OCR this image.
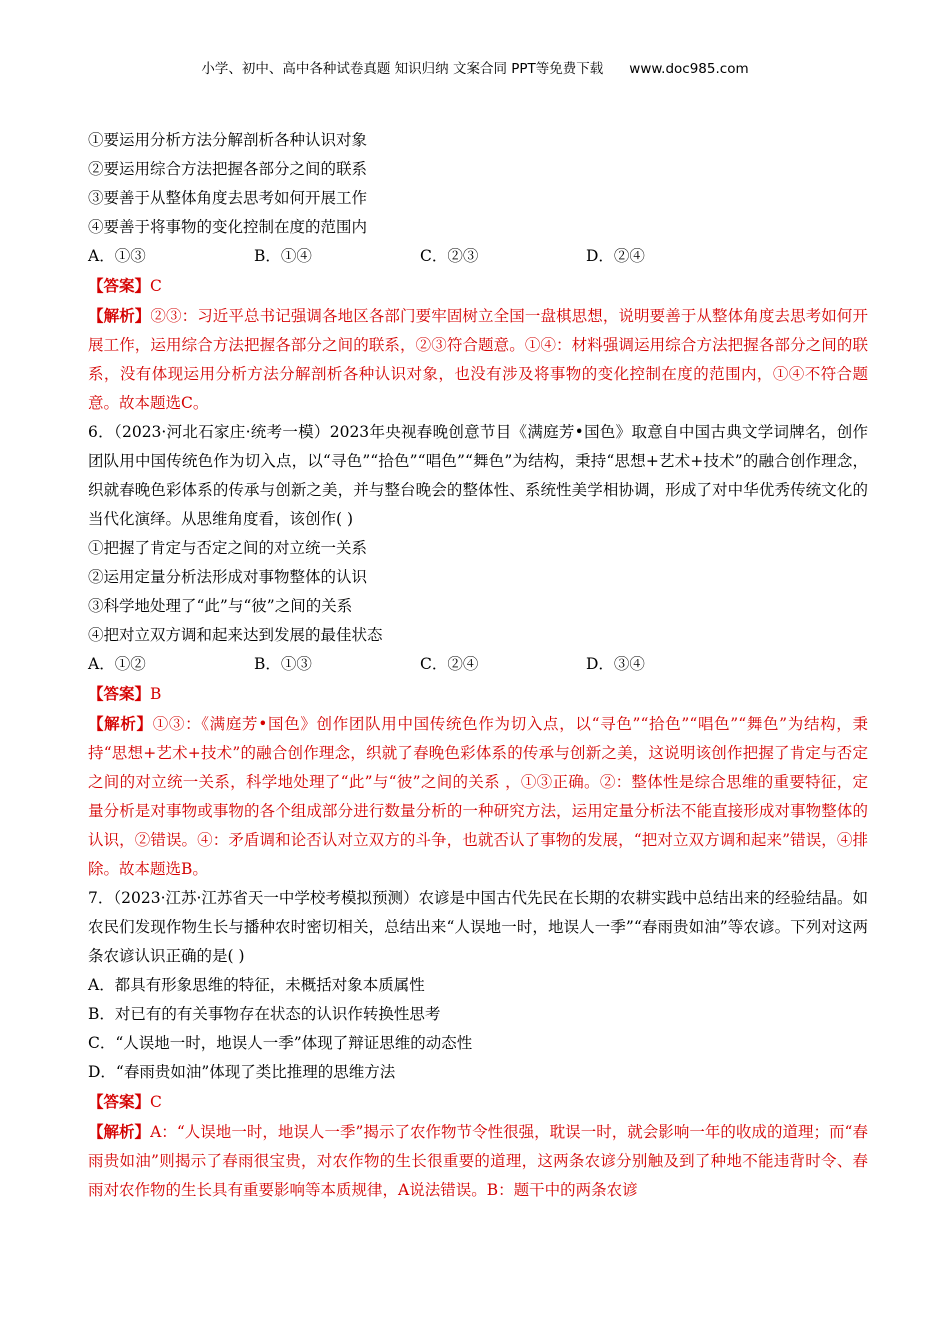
小学、初中、高中各种试卷真题 知识归纳 文案合同 PPT等免费下载 www.doc985.com
①要运用分析方法分解剖析各种认识对象
②要运用综合方法把握各部分之间的联系
③要善于从整体角度去思考如何开展工作
④要善于将事物的变化控制在度的范围内
A．①③	B．①④	C．②③	D．②④
【答案】C
【解析】②③：习近平总书记强调各地区各部门要牢固树立全国一盘棋思想，说明要善于从整体角度去思考如何开展工作，运用综合方法把握各部分之间的联系，②③符合题意。①④：材料强调运用综合方法把握各部分之间的联系，没有体现运用分析方法分解剖析各种认识对象，也没有涉及将事物的变化控制在度的范围内，①④不符合题意。故本题选C。
6．（2023·河北石家庄·统考一模）2023年央视春晚创意节目《满庭芳•国色》取意自中国古典文学词牌名，创作团队用中国传统色作为切入点，以“寻色”“拾色”“唱色”“舞色”为结构，秉持“思想+艺术+技术”的融合创作理念，织就春晚色彩体系的传承与创新之美，并与整台晚会的整体性、系统性美学相协调，形成了对中华优秀传统文化的当代化演绎。从思维角度看，该创作( )
①把握了肯定与否定之间的对立统一关系
②运用定量分析法形成对事物整体的认识
③科学地处理了“此”与“彼”之间的关系
④把对立双方调和起来达到发展的最佳状态
A．①②	B．①③	C．②④	D．③④
【答案】B
【解析】①③：《满庭芳•国色》创作团队用中国传统色作为切入点，以“寻色”“拾色”“唱色”“舞色”为结构，秉持“思想+艺术+技术”的融合创作理念，织就了春晚色彩体系的传承与创新之美，这说明该创作把握了肯定与否定之间的对立统一关系，科学地处理了“此”与“彼”之间的关系 ，①③正确。②：整体性是综合思维的重要特征，定量分析是对事物或事物的各个组成部分进行数量分析的一种研究方法，运用定量分析法不能直接形成对事物整体的认识，②错误。④：矛盾调和论否认对立双方的斗争，也就否认了事物的发展，“把对立双方调和起来”错误，④排除。故本题选B。
7．（2023·江苏·江苏省天一中学校考模拟预测）农谚是中国古代先民在长期的农耕实践中总结出来的经验结晶。如农民们发现作物生长与播种农时密切相关，总结出来“人误地一时，地误人一季”“春雨贵如油”等农谚。下列对这两条农谚认识正确的是( )
A．都具有形象思维的特征，未概括对象本质属性
B．对已有的有关事物存在状态的认识作转换性思考
C．“人误地一时，地误人一季”体现了辩证思维的动态性
D．“春雨贵如油”体现了类比推理的思维方法
【答案】C
【解析】A：“人误地一时，地误人一季”揭示了农作物节令性很强，耽误一时，就会影响一年的收成的道理；而“春雨贵如油”则揭示了春雨很宝贵，对农作物的生长很重要的道理，这两条农谚分别触及到了种地不能违背时令、春雨对农作物的生长具有重要影响等本质规律，A说法错误。B：题干中的两条农谚
